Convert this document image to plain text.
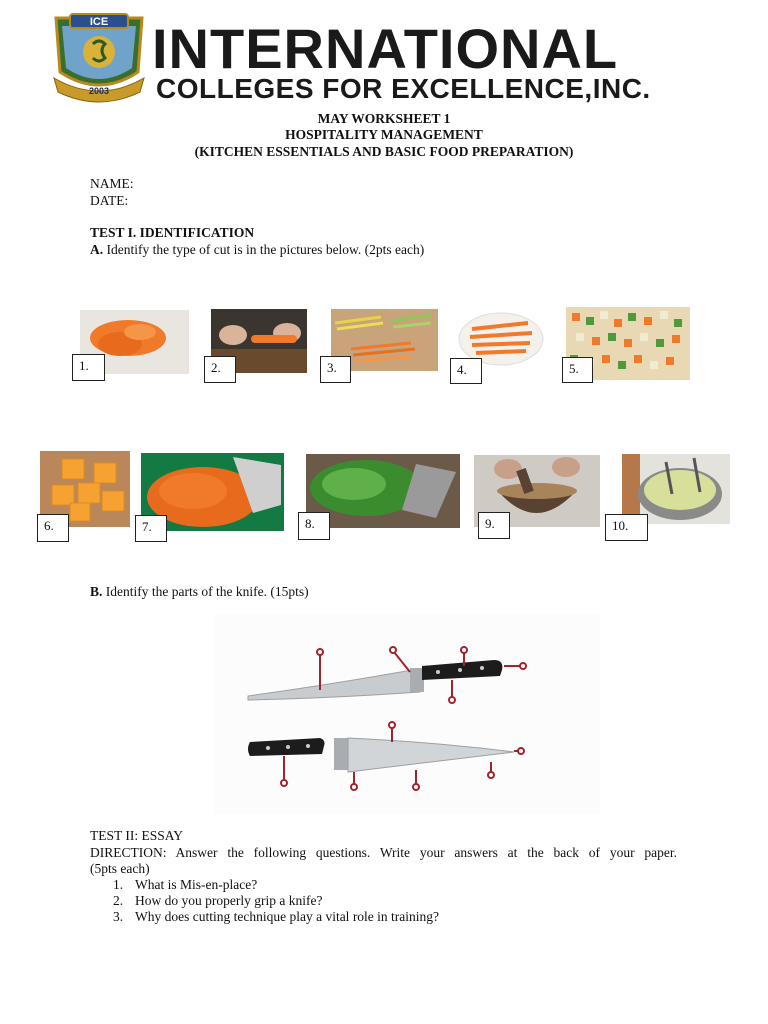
ICE
2003
INTERNATIONAL
COLLEGES FOR EXCELLENCE,INC.
MAY WORKSHEET 1
HOSPITALITY MANAGEMENT
(KITCHEN ESSENTIALS AND BASIC FOOD PREPARATION)
NAME:
DATE:
TEST I. IDENTIFICATION
A. Identify the type of cut is in the pictures below. (2pts each)
1.	2.	3.	4.	5.
6.	7.	8.	9.	10.
B. Identify the parts of the knife. (15pts)
TEST II: ESSAY
DIRECTION: Answer the following questions. Write your answers at the back of your paper.
(5pts each)
1. What is Mis-en-place?
2. How do you properly grip a knife?
3. Why does cutting technique play a vital role in training?
